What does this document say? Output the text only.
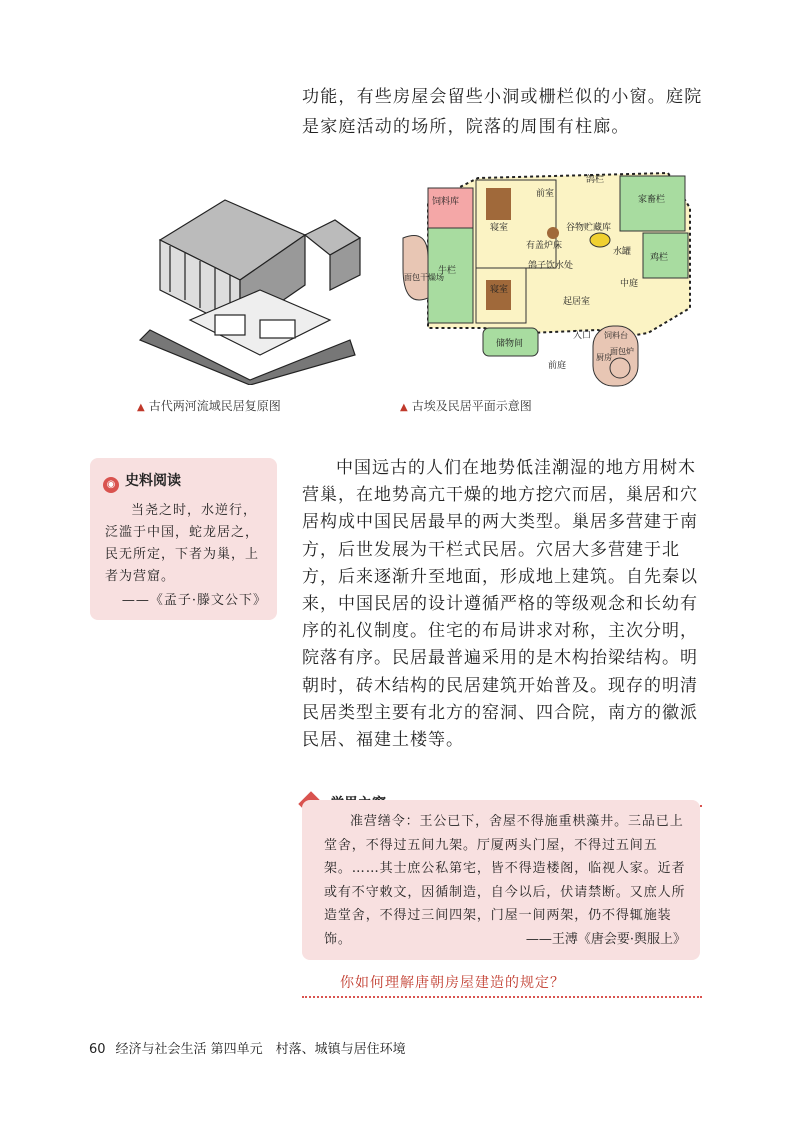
功能，有些房屋会留些小洞或栅栏似的小窗。庭院是家庭活动的场所，院落的周围有柱廊。
饲料库
牛栏
面包干燥场
寝室
前室
鸽栏
家畜栏
谷物贮藏库
水罐
有盖炉床
鸽子饮水处
鸡栏
中庭
寝室
起居室
储物间
入口 饲料台
前庭
厨房
面包炉
▲ 古代两河流域民居复原图	▲ 古埃及民居平面示意图
◉ 史料阅读
当尧之时，水逆行，泛滥于中国，蛇龙居之，民无所定，下者为巢，上者为营窟。
——《孟子·滕文公下》
中国远古的人们在地势低洼潮湿的地方用树木营巢，在地势高亢干燥的地方挖穴而居，巢居和穴居构成中国民居最早的两大类型。巢居多营建于南方，后世发展为干栏式民居。穴居大多营建于北方，后来逐渐升至地面，形成地上建筑。自先秦以来，中国民居的设计遵循严格的等级观念和长幼有序的礼仪制度。住宅的布局讲求对称，主次分明，院落有序。民居最普遍采用的是木构抬梁结构。明朝时，砖木结构的民居建筑开始普及。现存的明清民居类型主要有北方的窑洞、四合院，南方的徽派民居、福建土楼等。
准营缮令：王公已下，舍屋不得施重栱藻井。三品已上堂舍，不得过五间九架。厅厦两头门屋，不得过五间五架。……其士庶公私第宅，皆不得造楼阁，临视人家。近者或有不守敕文，因循制造，自今以后，伏请禁断。又庶人所造堂舍，不得过三间四架，门屋一间两架，仍不得辄施装饰。	——王溥《唐会要·舆服上》
你如何理解唐朝房屋建造的规定？
60 经济与社会生活 第四单元　村落、城镇与居住环境
